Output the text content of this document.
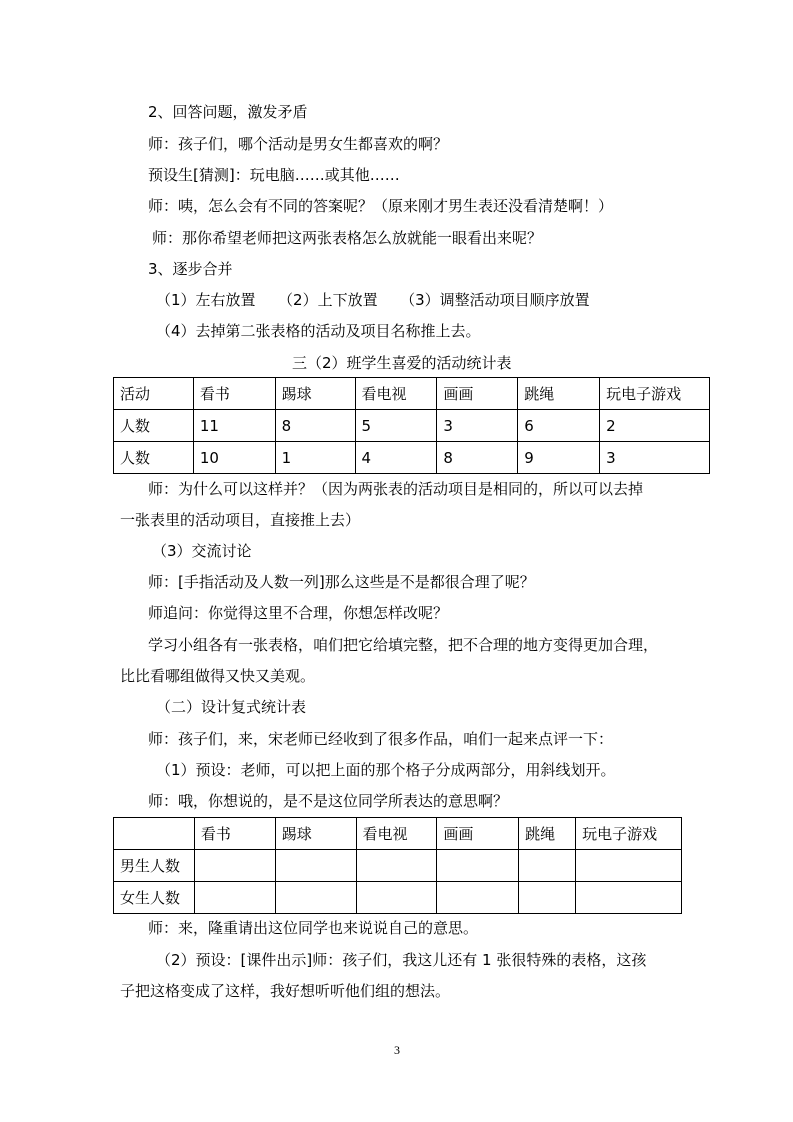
2、回答问题，激发矛盾
师：孩子们，哪个活动是男女生都喜欢的啊？
预设生[猜测]：玩电脑……或其他……
师：咦，怎么会有不同的答案呢？（原来刚才男生表还没看清楚啊！）
师：那你希望老师把这两张表格怎么放就能一眼看出来呢？
3、逐步合并
（1）左右放置　　（2）上下放置　　（3）调整活动项目顺序放置
（4）去掉第二张表格的活动及项目名称推上去。
三（2）班学生喜爱的活动统计表
活动	看书	踢球	看电视	画画	跳绳	玩电子游戏
人数	11	8	5	3	6	2
人数	10	1	4	8	9	3
师：为什么可以这样并？（因为两张表的活动项目是相同的，所以可以去掉
一张表里的活动项目，直接推上去）
（3）交流讨论
师：[手指活动及人数一列]那么这些是不是都很合理了呢？
师追问：你觉得这里不合理，你想怎样改呢？
学习小组各有一张表格，咱们把它给填完整，把不合理的地方变得更加合理，
比比看哪组做得又快又美观。
（二）设计复式统计表
师：孩子们，来，宋老师已经收到了很多作品，咱们一起来点评一下：
（1）预设：老师，可以把上面的那个格子分成两部分，用斜线划开。
师：哦，你想说的，是不是这位同学所表达的意思啊？
	看书	踢球	看电视	画画	跳绳	玩电子游戏
男生人数						
女生人数						
师：来，隆重请出这位同学也来说说自己的意思。
（2）预设：[课件出示]师：孩子们，我这儿还有 1 张很特殊的表格，这孩
子把这格变成了这样，我好想听听他们组的想法。
3
